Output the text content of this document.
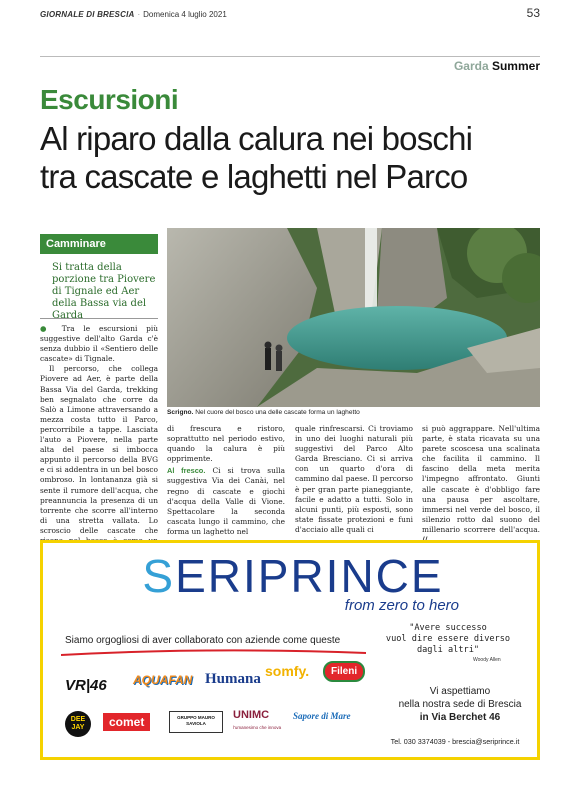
GIORNALE DI BRESCIA · Domenica 4 luglio 2021	53
Garda Summer
Escursioni
Al riparo dalla calura nei boschi
tra cascate e laghetti nel Parco
Camminare
Si tratta della porzione tra Piovere di Tignale ed Aer della Bassa via del Garda

● Tra le escursioni più suggestive dell'alto Garda c'è senza dubbio il «Sentiero delle cascate» di Tignale.

Il percorso, che collega Piovere ad Aer, è parte della Bassa Via del Garda, trekking ben segnalato che corre da Salò a Limone attraversando a mezza costa tutto il Parco, percorribile a tappe. Lasciata l'auto a Piovere, nella parte alta del paese si imbocca appunto il percorso della BVG e ci si addentra in un bel bosco ombroso. In lontananza già si sente il rumore dell'acqua, che preannuncia la presenza di un torrente che scorre all'interno di una stretta vallata. Lo scroscio delle cascate che

Scrigno. Nel cuore del bosco una delle cascate forma un laghetto

di frescura e ristoro, soprattutto nel periodo estivo, quando la calura è più opprimente.

Al fresco. Ci si trova sulla suggestiva Via dei Canài, nel regno di cascate e giochi d'acqua della Valle di Vione. Spettacolare la seconda cascata lungo il cammino, che forma un laghetto nel

quale rinfrescarsi. Ci troviamo in uno dei luoghi naturali più suggestivi del Parco Alto Garda Bresciano. Ci si arriva con un quarto d'ora di cammino dal paese. Il percorso è per gran parte pianeggiante, facile e adatto a tutti. Solo in alcuni punti, più esposti, sono state fissate protezioni e funi d'acciaio alle quali ci

si può aggrappare. Nell'ultima parte, è stata ricavata su una parete scoscesa una scalinata che facilita il cammino. Il fascino della meta merita l'impegno affrontato. Giunti alle cascate è d'obbligo fare una pausa per ascoltare, immersi nel verde del bosco, il silenzio rotto dal suono del millenario scorrere dell'acqua.

SERIPRINCE
from zero to hero
Siamo orgogliosi di aver collaborato con aziende come queste
VR|46 AQUAFAN Humana somfy.	Fileni
DEE JAY	comet	GRUPPO MAURO SAVIOLA
UNIMC
l'umanesimo che innova
Sapore di Mare
"Avere successo
vuol dire essere diverso
dagli altri"
Woody Allen
Vi aspettiamo
nella nostra sede di Brescia
in Via Berchet 46
Tel. 030 3374039 - brescia@seriprince.it
